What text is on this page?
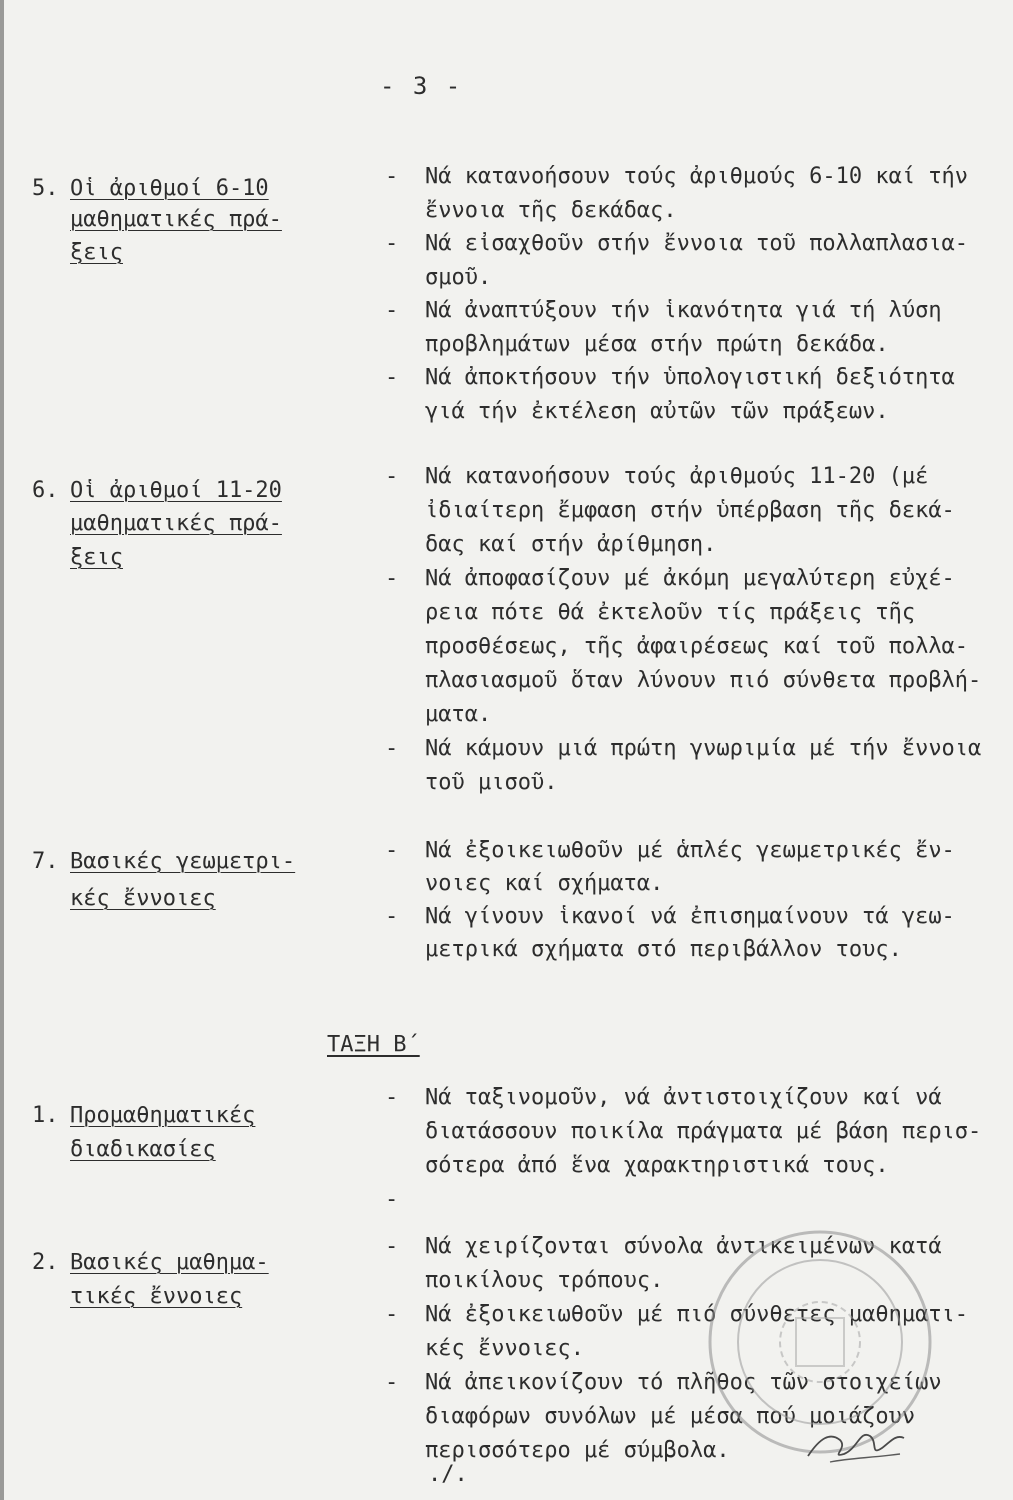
- 3 -
5. Οἱ ἀριθμοί 6-10
μαθηματικές πρά-
ξεις
- Νά κατανοήσουν τούς ἀριθμούς 6-10 καί τήν
ἔννοια τῆς δεκάδας.
- Νά εἰσαχθοῦν στήν ἔννοια τοῦ πολλαπλασια-
σμοῦ.
- Νά ἀναπτύξουν τήν ἱκανότητα γιά τή λύση
προβλημάτων μέσα στήν πρώτη δεκάδα.
- Νά ἀποκτήσουν τήν ὑπολογιστική δεξιότητα
γιά τήν ἐκτέλεση αὐτῶν τῶν πράξεων.
6. Οἱ ἀριθμοί 11-20
μαθηματικές πρά-
ξεις
- Νά κατανοήσουν τούς ἀριθμούς 11-20 (μέ
ἰδιαίτερη ἔμφαση στήν ὑπέρβαση τῆς δεκά-
δας καί στήν ἀρίθμηση.
- Νά ἀποφασίζουν μέ ἀκόμη μεγαλύτερη εὐχέ-
ρεια πότε θά ἐκτελοῦν τίς πράξεις τῆς
προσθέσεως, τῆς ἀφαιρέσεως καί τοῦ πολλα-
πλασιασμοῦ ὅταν λύνουν πιό σύνθετα προβλή-
ματα.
- Νά κάμουν μιά πρώτη γνωριμία μέ τήν ἔννοια
τοῦ μισοῦ.
7. Βασικές γεωμετρι-
κές ἔννοιες
- Νά ἐξοικειωθοῦν μέ ἁπλές γεωμετρικές ἔν-
νοιες καί σχήματα.
- Νά γίνουν ἱκανοί νά ἐπισημαίνουν τά γεω-
μετρικά σχήματα στό περιβάλλον τους.
ΤΑΞΗ Β΄
1. Προμαθηματικές
διαδικασίες
- Νά ταξινομοῦν, νά ἀντιστοιχίζουν καί νά
διατάσσουν ποικίλα πράγματα μέ βάση περισ-
σότερα ἀπό ἕνα χαρακτηριστικά τους.
-
2. Βασικές μαθημα-
τικές ἔννοιες
- Νά χειρίζονται σύνολα ἀντικειμένων κατά
ποικίλους τρόπους.
- Νά ἐξοικειωθοῦν μέ πιό σύνθετες μαθηματι-
κές ἔννοιες.
- Νά ἀπεικονίζουν τό πλῆθος τῶν στοιχείων
διαφόρων συνόλων μέ μέσα πού μοιάζουν
περισσότερο μέ σύμβολα.
./.
